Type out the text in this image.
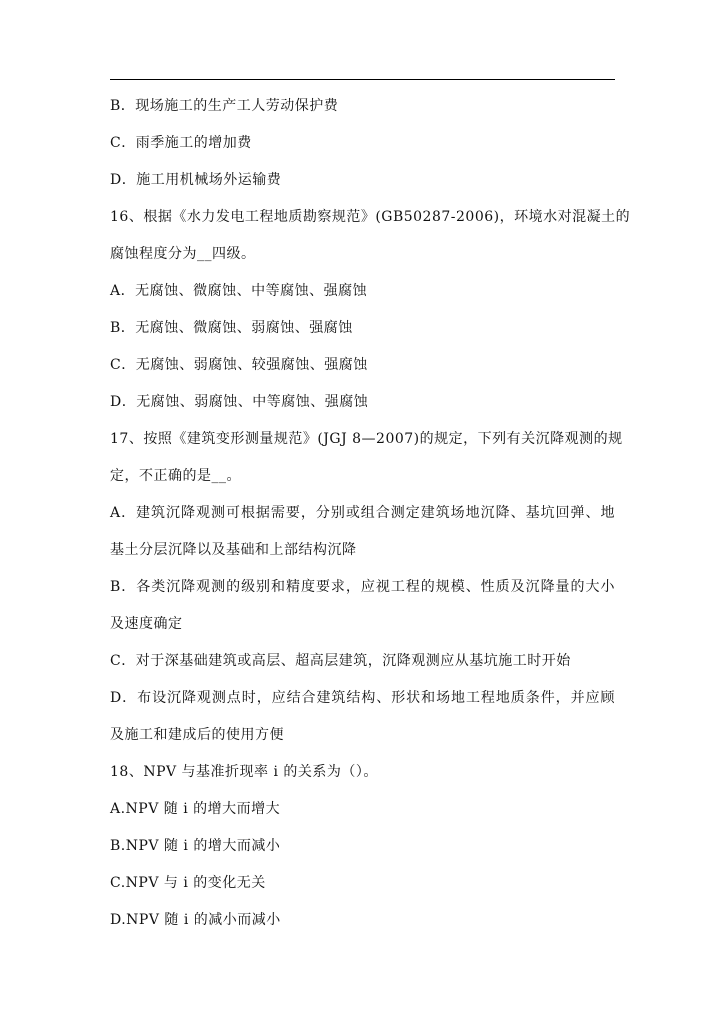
B．现场施工的生产工人劳动保护费
C．雨季施工的增加费
D．施工用机械场外运输费
16、根据《水力发电工程地质勘察规范》(GB50287-2006)，环境水对混凝土的
腐蚀程度分为__四级。
A．无腐蚀、微腐蚀、中等腐蚀、强腐蚀
B．无腐蚀、微腐蚀、弱腐蚀、强腐蚀
C．无腐蚀、弱腐蚀、较强腐蚀、强腐蚀
D．无腐蚀、弱腐蚀、中等腐蚀、强腐蚀
17、按照《建筑变形测量规范》(JGJ 8—2007)的规定，下列有关沉降观测的规
定，不正确的是__。
A．建筑沉降观测可根据需要，分别或组合测定建筑场地沉降、基坑回弹、地
基土分层沉降以及基础和上部结构沉降
B．各类沉降观测的级别和精度要求，应视工程的规模、性质及沉降量的大小
及速度确定
C．对于深基础建筑或高层、超高层建筑，沉降观测应从基坑施工时开始
D．布设沉降观测点时，应结合建筑结构、形状和场地工程地质条件，并应顾
及施工和建成后的使用方便
18、NPV 与基准折现率 i 的关系为（）。
A.NPV 随 i 的增大而增大
B.NPV 随 i 的增大而减小
C.NPV 与 i 的变化无关
D.NPV 随 i 的减小而减小
